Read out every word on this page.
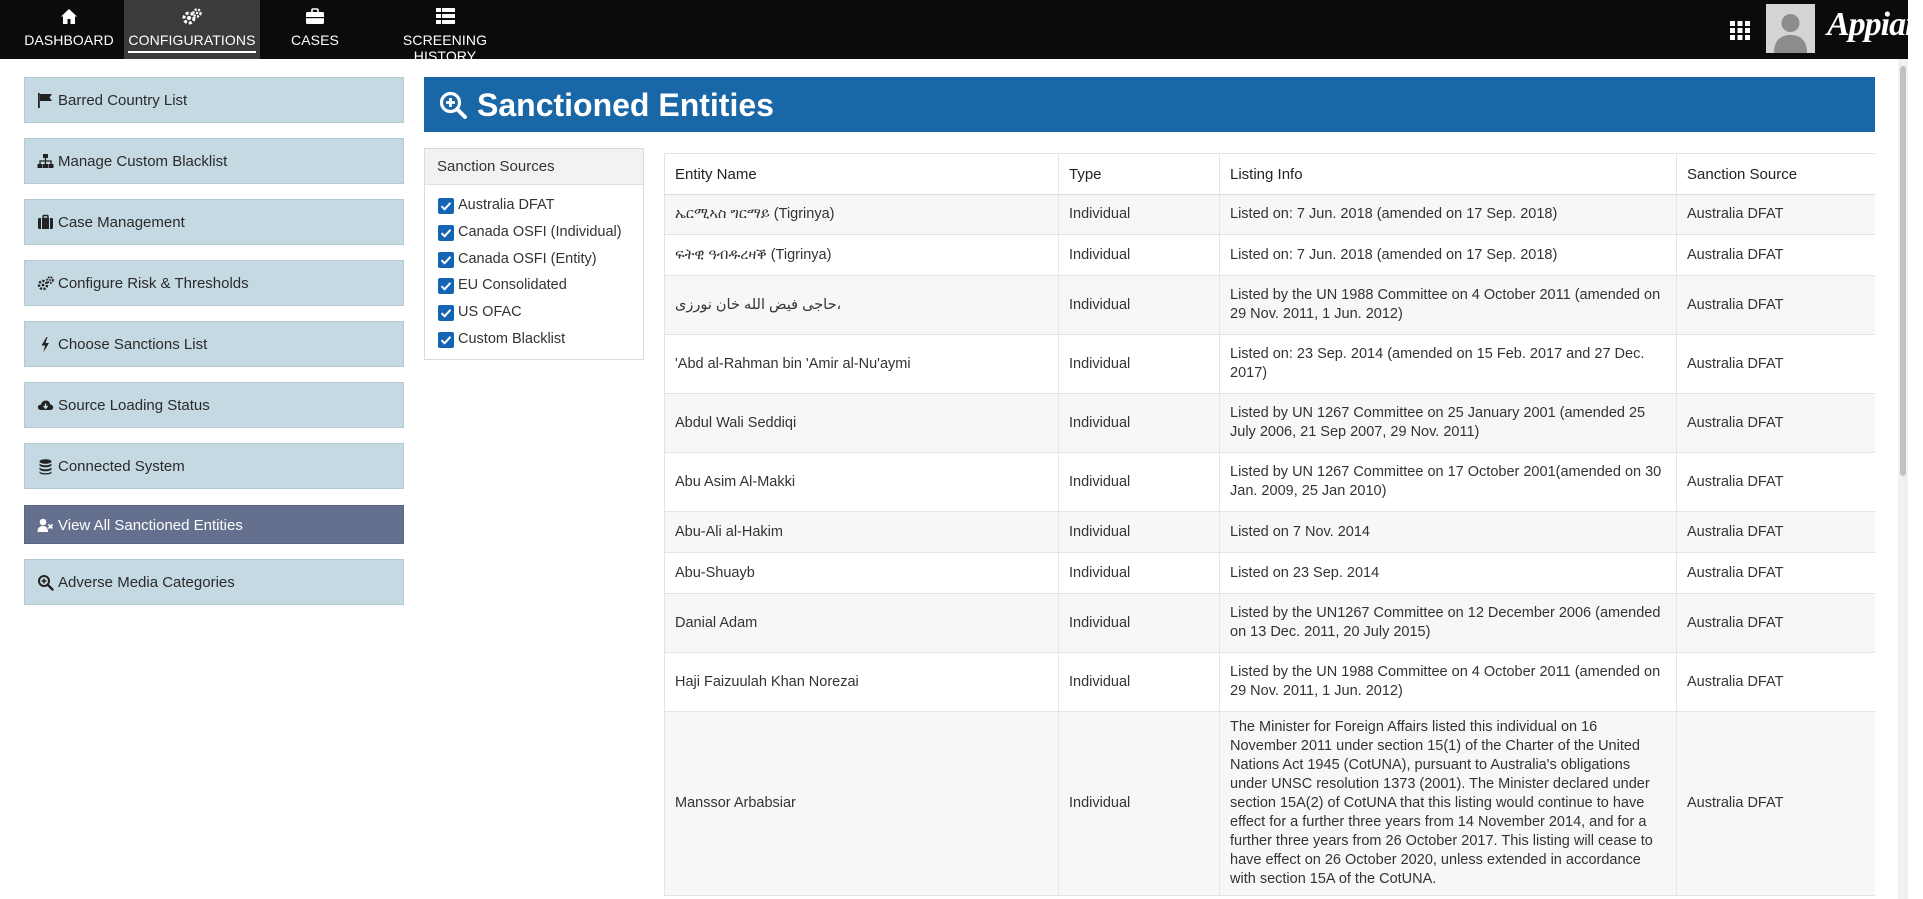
DASHBOARD	CONFIGURATIONS	CASES	SCREENING HISTORY
Appian
Barred Country List
Manage Custom Blacklist
Case Management
Configure Risk & Thresholds
Choose Sanctions List
Source Loading Status
Connected System
View All Sanctioned Entities
Adverse Media Categories
Sanctioned Entities
Sanction Sources
Australia DFAT
Canada OSFI (Individual)
Canada OSFI (Entity)
EU Consolidated
US OFAC
Custom Blacklist
Entity Name	Type	Listing Info	Sanction Source
ኤርሚኣስ ግርማይ (Tigrinya)	Individual	Listed on: 7 Jun. 2018 (amended on 17 Sep. 2018)	Australia DFAT
ፍትዊ ዓብዱረዛቕ (Tigrinya)	Individual	Listed on: 7 Jun. 2018 (amended on 17 Sep. 2018)	Australia DFAT
حاجی فیض الله خان نورزی،	Individual	Listed by the UN 1988 Committee on 4 October 2011 (amended on 29 Nov. 2011, 1 Jun. 2012)	Australia DFAT
'Abd al-Rahman bin 'Amir al-Nu'aymi	Individual	Listed on: 23 Sep. 2014 (amended on 15 Feb. 2017 and 27 Dec. 2017)	Australia DFAT
Abdul Wali Seddiqi	Individual	Listed by UN 1267 Committee on 25 January 2001 (amended 25 July 2006, 21 Sep 2007, 29 Nov. 2011)	Australia DFAT
Abu Asim Al-Makki	Individual	Listed by UN 1267 Committee on 17 October 2001(amended on 30 Jan. 2009, 25 Jan 2010)	Australia DFAT
Abu-Ali al-Hakim	Individual	Listed on 7 Nov. 2014	Australia DFAT
Abu-Shuayb	Individual	Listed on 23 Sep. 2014	Australia DFAT
Danial Adam	Individual	Listed by the UN1267 Committee on 12 December 2006 (amended on 13 Dec. 2011, 20 July 2015)	Australia DFAT
Haji Faizuulah Khan Norezai	Individual	Listed by the UN 1988 Committee on 4 October 2011 (amended on 29 Nov. 2011, 1 Jun. 2012)	Australia DFAT
Manssor Arbabsiar	Individual	The Minister for Foreign Affairs listed this individual on 16 November 2011 under section 15(1) of the Charter of the United Nations Act 1945 (CotUNA), pursuant to Australia's obligations under UNSC resolution 1373 (2001). The Minister declared under section 15A(2) of CotUNA that this listing would continue to have effect for a further three years from 14 November 2014, and for a further three years from 26 October 2017. This listing will cease to have effect on 26 October 2020, unless extended in accordance with section 15A of the CotUNA.	Australia DFAT
